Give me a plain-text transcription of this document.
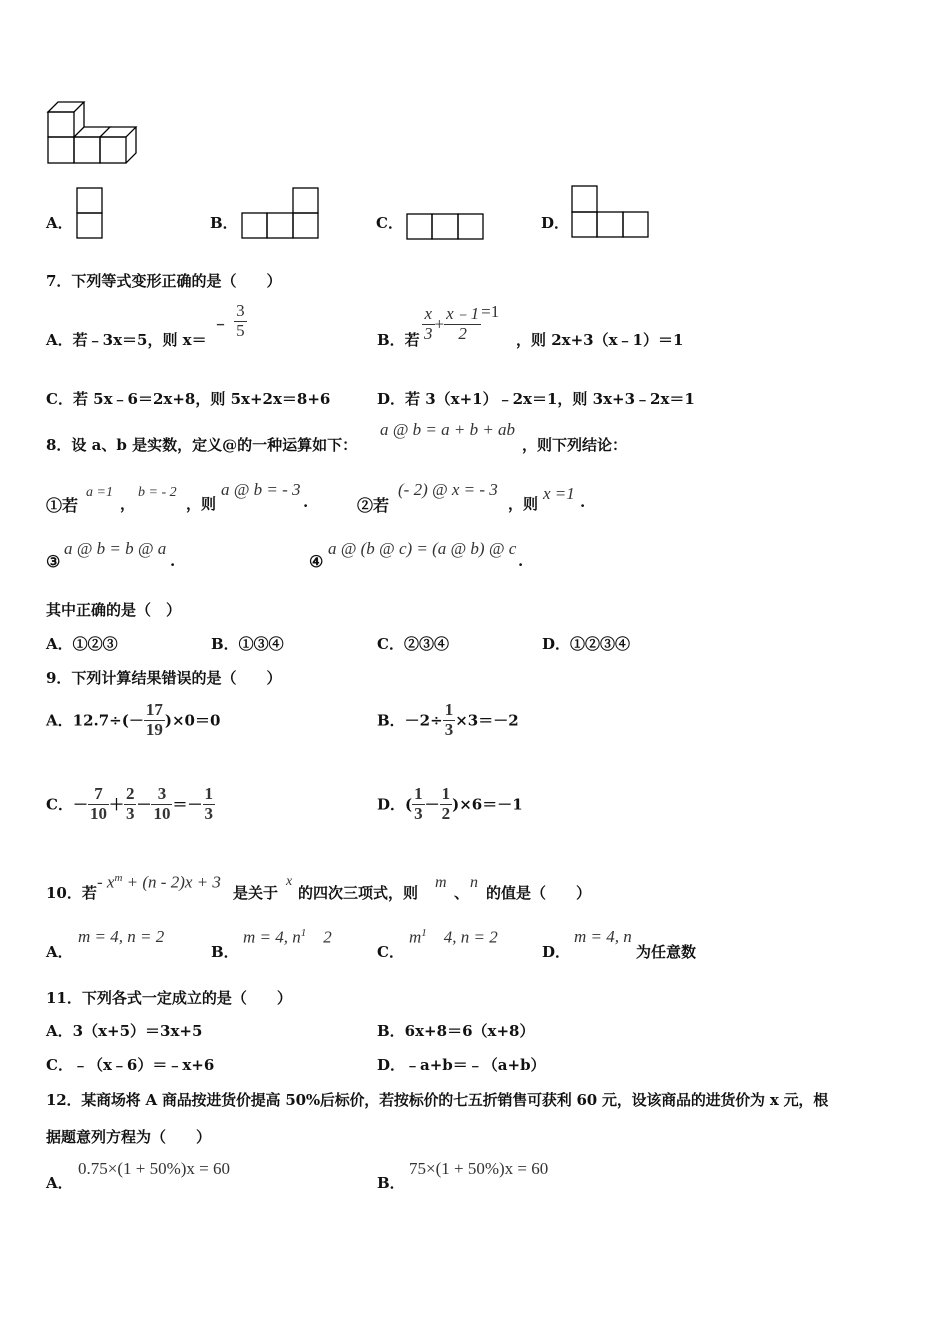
A．	B．	C．	D．
7．下列等式变形正确的是（　　）
A．若﹣3x＝5，则 x＝
﹣ $\frac{3}{5}$	B．若 $\frac{x}{3} + \frac{x﹣1}{2} =1$
，则 2x+3（x﹣1）＝1
C．若 5x﹣6＝2x+8，则 5x+2x＝8+6	D．若 3（x+1）﹣2x＝1，则 3x+3﹣2x＝1
8．设 a、b 是实数，定义@的一种运算如下：
a @ b = a + b + ab
，则下列结论：
①若
a =1
，
b = - 2
，则
a @ b = - 3
.	②若
(- 2) @ x = - 3
，则
x =1 .
③
a @ b = b @ a
.	④
a @ (b @ c) = (a @ b) @ c
.
其中正确的是（　）
A．①②③	B．①③④	C．②③④	D．①②③④
9．下列计算结果错误的是（　　）
A．$12.7\div(- \frac{17}{19} )\times 0=0$	B．$-2\div \frac{1}{3} \times 3=-2$
C．－ $\frac{7}{10} + \frac{2}{3} - \frac{3}{10} =- \frac{1}{3}$	D．( $\frac{1}{3} - \frac{1}{2} )\times 6=-1$
10．若
- $x^m + (n - 2)x + 3$
是关于
x
的四次三项式，则
m
、
n
的值是（　　）
A．
m = 4, n = 2
B．
m = 4, $n^1$  2
C．
$m^1$  4, n = 2
D．
m = 4, n
为任意数
11．下列各式一定成立的是（　　）
A．3（x+5）＝3x+5	B．6x+8＝6（x+8）
C．﹣（x﹣6）＝﹣x+6	D．﹣a+b＝﹣（a+b）
12．某商场将 A 商品按进货价提高 50%后标价，若按标价的七五折销售可获利 60 元，设该商品的进货价为 x 元，根
据题意列方程为（　　）
A．
0.75×(1 + 50%)x = 60
B．
75×(1 + 50%)x = 60
